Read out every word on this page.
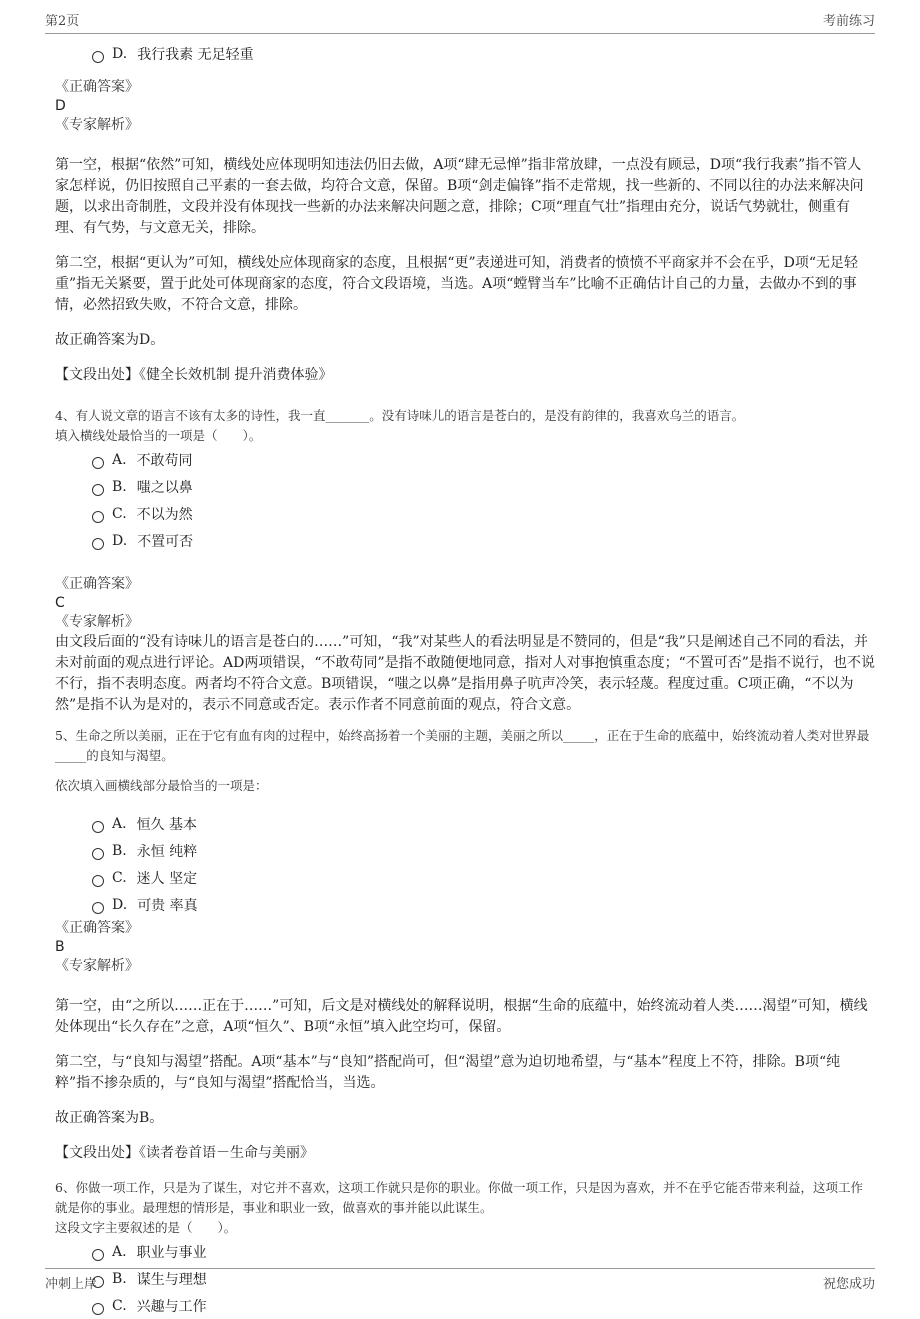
第2页	考前练习
D. 我行我素 无足轻重
《正确答案》
D
《专家解析》

第一空，根据“依然”可知，横线处应体现明知违法仍旧去做，A项“肆无忌惮”指非常放肆，一点没有顾忌，D项“我行我素”指不管人家怎样说，仍旧按照自己平素的一套去做，均符合文意，保留。B项“剑走偏锋”指不走常规，找一些新的、不同以往的办法来解决问题，以求出奇制胜，文段并没有体现找一些新的办法来解决问题之意，排除；C项“理直气壮”指理由充分，说话气势就壮，侧重有理、有气势，与文意无关，排除。

第二空，根据“更认为”可知，横线处应体现商家的态度，且根据“更”表递进可知，消费者的愤愤不平商家并不会在乎，D项“无足轻重”指无关紧要，置于此处可体现商家的态度，符合文段语境，当选。A项“螳臂当车”比喻不正确估计自己的力量，去做办不到的事情，必然招致失败，不符合文意，排除。

故正确答案为D。

【文段出处】《健全长效机制 提升消费体验》

4、有人说文章的语言不该有太多的诗性，我一直_______。没有诗味儿的语言是苍白的，是没有韵律的，我喜欢乌兰的语言。

填入横线处最恰当的一项是（　　）。

A. 不敢苟同
B. 嗤之以鼻
C. 不以为然
D. 不置可否
《正确答案》
C
《专家解析》

由文段后面的“没有诗味儿的语言是苍白的……”可知，“我”对某些人的看法明显是不赞同的，但是“我”只是阐述自己不同的看法，并未对前面的观点进行评论。AD两项错误，“不敢苟同”是指不敢随便地同意，指对人对事抱慎重态度；“不置可否”是指不说行，也不说不行，指不表明态度。两者均不符合文意。B项错误，“嗤之以鼻”是指用鼻子吭声冷笑，表示轻蔑。程度过重。C项正确，“不以为然”是指不认为是对的，表示不同意或否定。表示作者不同意前面的观点，符合文意。

5、生命之所以美丽，正在于它有血有肉的过程中，始终高扬着一个美丽的主题，美丽之所以_____，正在于生命的底蕴中，始终流动着人类对世界最_____的良知与渴望。

依次填入画横线部分最恰当的一项是：

A. 恒久 基本
B. 永恒 纯粹
C. 迷人 坚定
D. 可贵 率真
《正确答案》
B
《专家解析》

第一空，由“之所以……正在于……”可知，后文是对横线处的解释说明，根据“生命的底蕴中，始终流动着人类……渴望”可知，横线处体现出“长久存在”之意，A项“恒久”、B项“永恒”填入此空均可，保留。

第二空，与“良知与渴望”搭配。A项“基本”与“良知”搭配尚可，但“渴望”意为迫切地希望，与“基本”程度上不符，排除。B项“纯粹”指不掺杂质的，与“良知与渴望”搭配恰当，当选。

故正确答案为B。

【文段出处】《读者卷首语－生命与美丽》

6、你做一项工作，只是为了谋生，对它并不喜欢，这项工作就只是你的职业。你做一项工作，只是因为喜欢，并不在乎它能否带来利益，这项工作就是你的事业。最理想的情形是，事业和职业一致，做喜欢的事并能以此谋生。

这段文字主要叙述的是（　　）。

A. 职业与事业
B. 谋生与理想
C. 兴趣与工作
冲刺上岸	祝您成功
